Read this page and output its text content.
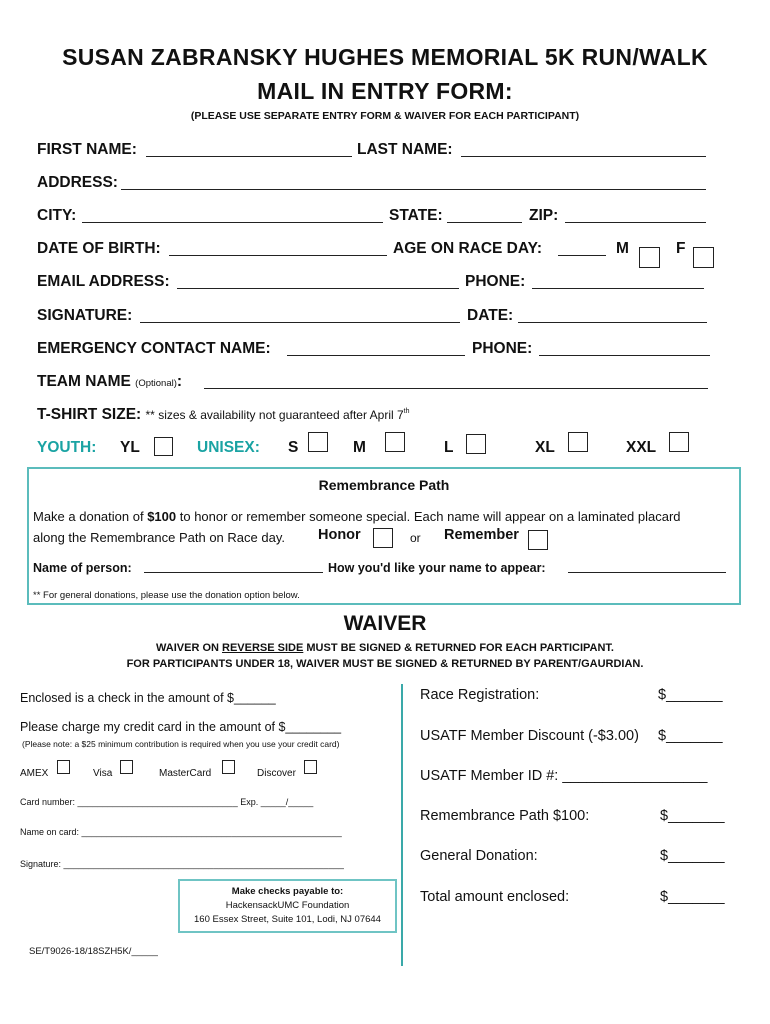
SUSAN ZABRANSKY HUGHES MEMORIAL 5K RUN/WALK
MAIL IN ENTRY FORM:
(PLEASE USE SEPARATE ENTRY FORM & WAIVER FOR EACH PARTICIPANT)
FIRST NAME:	LAST NAME:
ADDRESS:
CITY:	STATE:	ZIP:
DATE OF BIRTH:	AGE ON RACE DAY:	M	F
EMAIL ADDRESS:	PHONE:
SIGNATURE:	DATE:
EMERGENCY CONTACT NAME:	PHONE:
TEAM NAME (Optional):
T-SHIRT SIZE: ** sizes & availability not guaranteed after April 7th
YOUTH: YL	UNISEX: S	M	L	XL	XXL
Remembrance Path
Make a donation of $100 to honor or remember someone special. Each name will appear on a laminated placard
along the Remembrance Path on Race day. Honor	or Remember
Name of person:	How you'd like your name to appear:
** For general donations, please use the donation option below.
WAIVER
WAIVER ON REVERSE SIDE MUST BE SIGNED & RETURNED FOR EACH PARTICIPANT.
FOR PARTICIPANTS UNDER 18, WAIVER MUST BE SIGNED & RETURNED BY PARENT/GAURDIAN.
Enclosed is a check in the amount of $______
Please charge my credit card in the amount of $________
(Please note: a $25 minimum contribution is required when you use your credit card)
AMEX	Visa	MasterCard	Discover
Card number: ________________________________ Exp. _____/_____
Name on card: ____________________________________________________
Signature: ________________________________________________________
Make checks payable to:
HackensackUMC Foundation
160 Essex Street, Suite 101, Lodi, NJ 07644
SE/T9026-18/18SZH5K/_____
Race Registration:	$_______
USATF Member Discount (-$3.00) $_______
USATF Member ID #: __________________
Remembrance Path $100:	$_______
General Donation:	$_______
Total amount enclosed:	$_______
